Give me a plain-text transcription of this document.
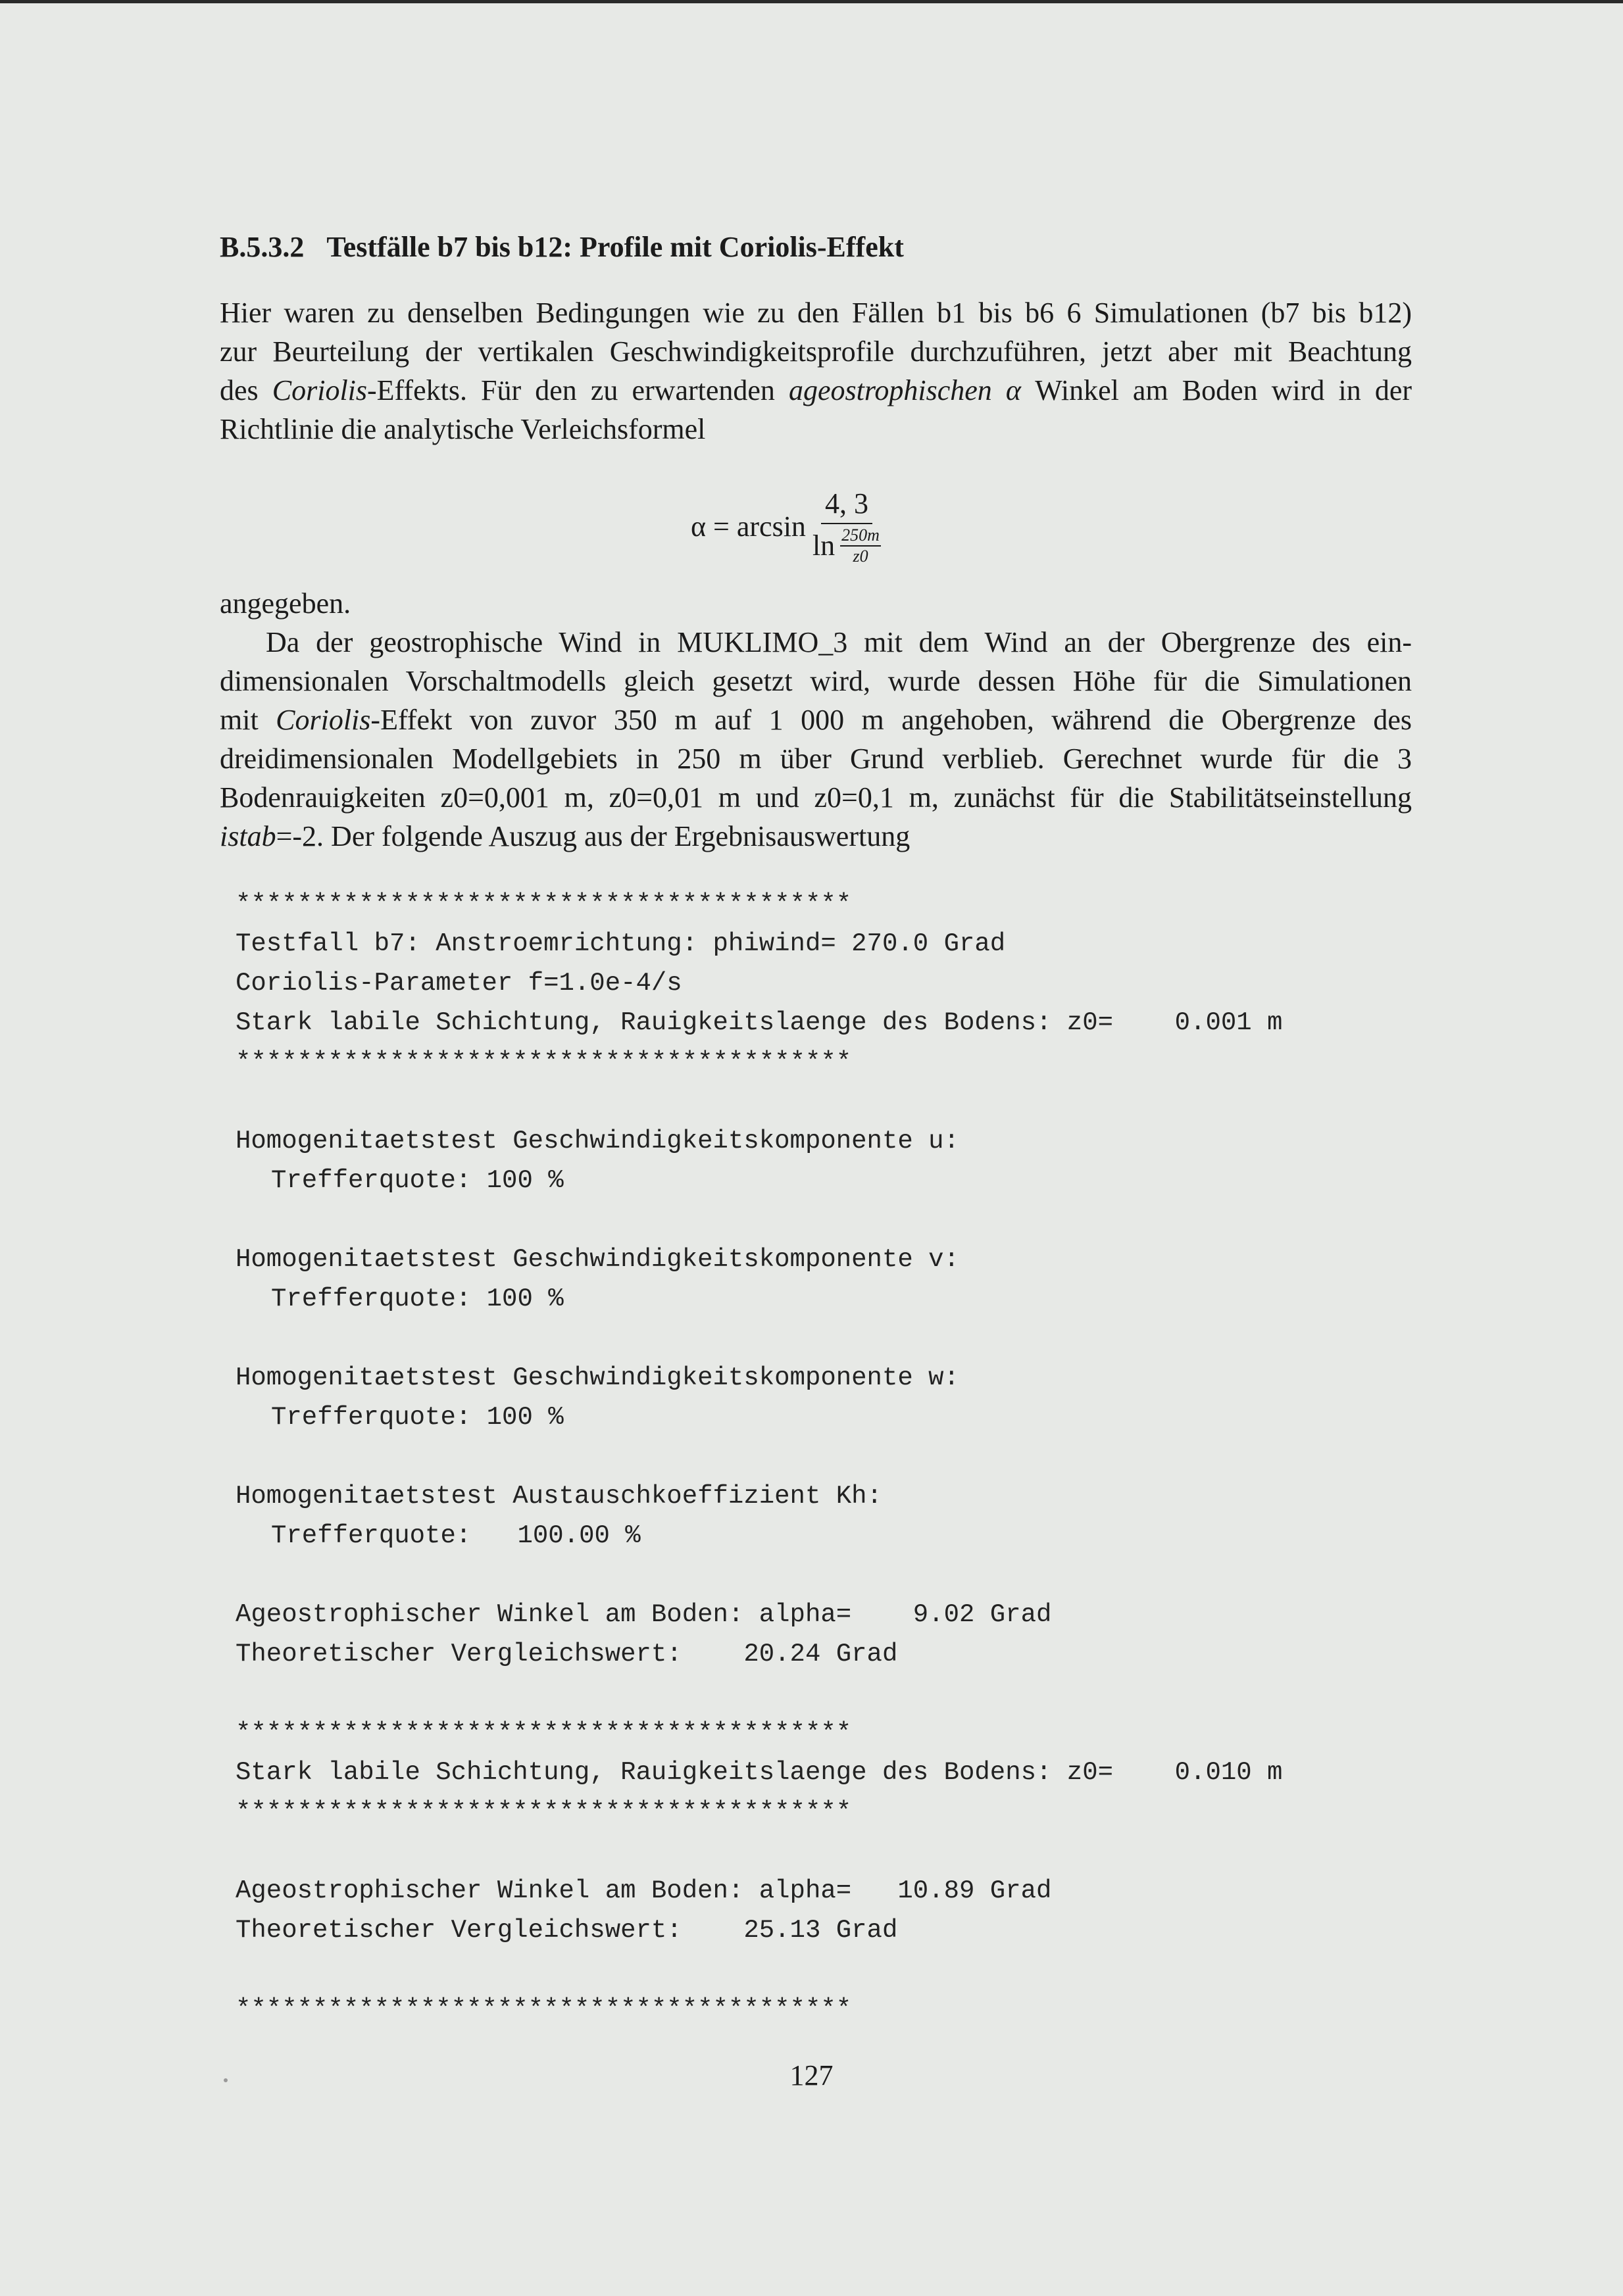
B.5.3.2 Testfälle b7 bis b12: Profile mit Coriolis-Effekt
Hier waren zu denselben Bedingungen wie zu den Fällen b1 bis b6 6 Simulationen (b7 bis b12)
zur Beurteilung der vertikalen Geschwindigkeitsprofile durchzuführen, jetzt aber mit Beachtung
des Coriolis-Effekts. Für den zu erwartenden ageostrophischen α Winkel am Boden wird in der
Richtlinie die analytische Verleichsformel
$\alpha = \arcsin \frac{4, 3}{\ln \frac{250m}{z0}}$
angegeben.
Da der geostrophische Wind in MUKLIMO_3 mit dem Wind an der Obergrenze des ein-
dimensionalen Vorschaltmodells gleich gesetzt wird, wurde dessen Höhe für die Simulationen
mit Coriolis-Effekt von zuvor 350 m auf 1 000 m angehoben, während die Obergrenze des
dreidimensionalen Modellgebiets in 250 m über Grund verblieb. Gerechnet wurde für die 3
Bodenrauigkeiten z0=0,001 m, z0=0,01 m und z0=0,1 m, zunächst für die Stabilitätseinstellung
istab=-2. Der folgende Auszug aus der Ergebnisauswertung
****************************************
Testfall b7: Anstroemrichtung: phiwind= 270.0 Grad
Coriolis-Parameter f=1.0e-4/s
Stark labile Schichtung, Rauigkeitslaenge des Bodens: z0=    0.001 m
****************************************

Homogenitaetstest Geschwindigkeitskomponente u:
Trefferquote: 100 %

Homogenitaetstest Geschwindigkeitskomponente v:
Trefferquote: 100 %

Homogenitaetstest Geschwindigkeitskomponente w:
Trefferquote: 100 %

Homogenitaetstest Austauschkoeffizient Kh:
Trefferquote:   100.00 %

Ageostrophischer Winkel am Boden: alpha=    9.02 Grad
Theoretischer Vergleichswert:    20.24 Grad

****************************************
Stark labile Schichtung, Rauigkeitslaenge des Bodens: z0=    0.010 m
****************************************

Ageostrophischer Winkel am Boden: alpha=   10.89 Grad
Theoretischer Vergleichswert:    25.13 Grad

****************************************
127
